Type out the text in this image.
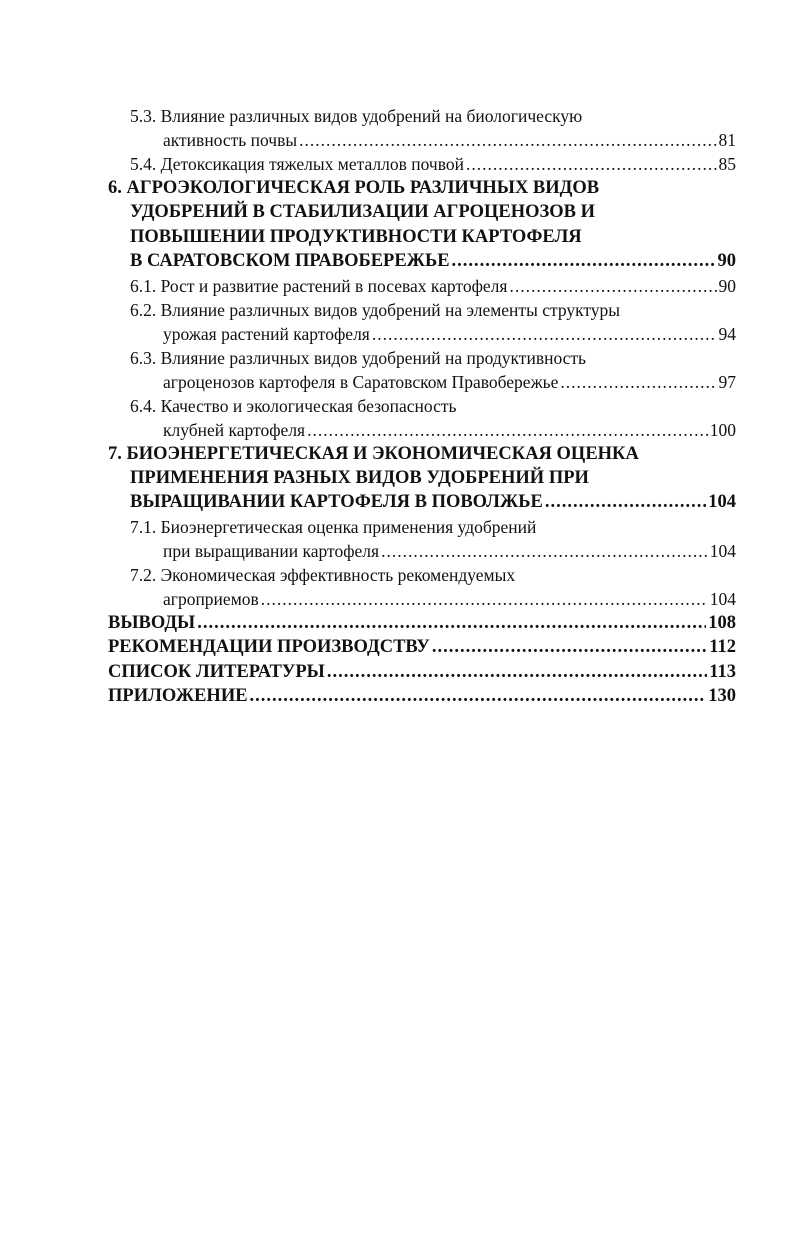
5.3. Влияние различных видов удобрений на биологическую
активность почвы .....	81
5.4. Детоксикация тяжелых металлов почвой .....	85
6. АГРОЭКОЛОГИЧЕСКАЯ РОЛЬ РАЗЛИЧНЫХ ВИДОВ
УДОБРЕНИЙ В СТАБИЛИЗАЦИИ АГРОЦЕНОЗОВ И
ПОВЫШЕНИИ ПРОДУКТИВНОСТИ КАРТОФЕЛЯ
В САРАТОВСКОМ ПРАВОБЕРЕЖЬЕ .....	90
6.1. Рост и развитие растений в посевах картофеля .....	90
6.2. Влияние различных видов удобрений на элементы структуры
урожая растений картофеля .....	94
6.3. Влияние различных видов удобрений на продуктивность
агроценозов картофеля в Саратовском Правобережье .....	97
6.4. Качество и экологическая безопасность
клубней картофеля .....	100
7. БИОЭНЕРГЕТИЧЕСКАЯ И ЭКОНОМИЧЕСКАЯ ОЦЕНКА
ПРИМЕНЕНИЯ РАЗНЫХ ВИДОВ УДОБРЕНИЙ ПРИ
ВЫРАЩИВАНИИ КАРТОФЕЛЯ В ПОВОЛЖЬЕ .....	104
7.1. Биоэнергетическая оценка применения удобрений
при выращивании картофеля .....	104
7.2. Экономическая эффективность рекомендуемых
агроприемов .....	104
ВЫВОДЫ .....	108
РЕКОМЕНДАЦИИ ПРОИЗВОДСТВУ .....	112
СПИСОК ЛИТЕРАТУРЫ .....	113
ПРИЛОЖЕНИЕ .....	130
